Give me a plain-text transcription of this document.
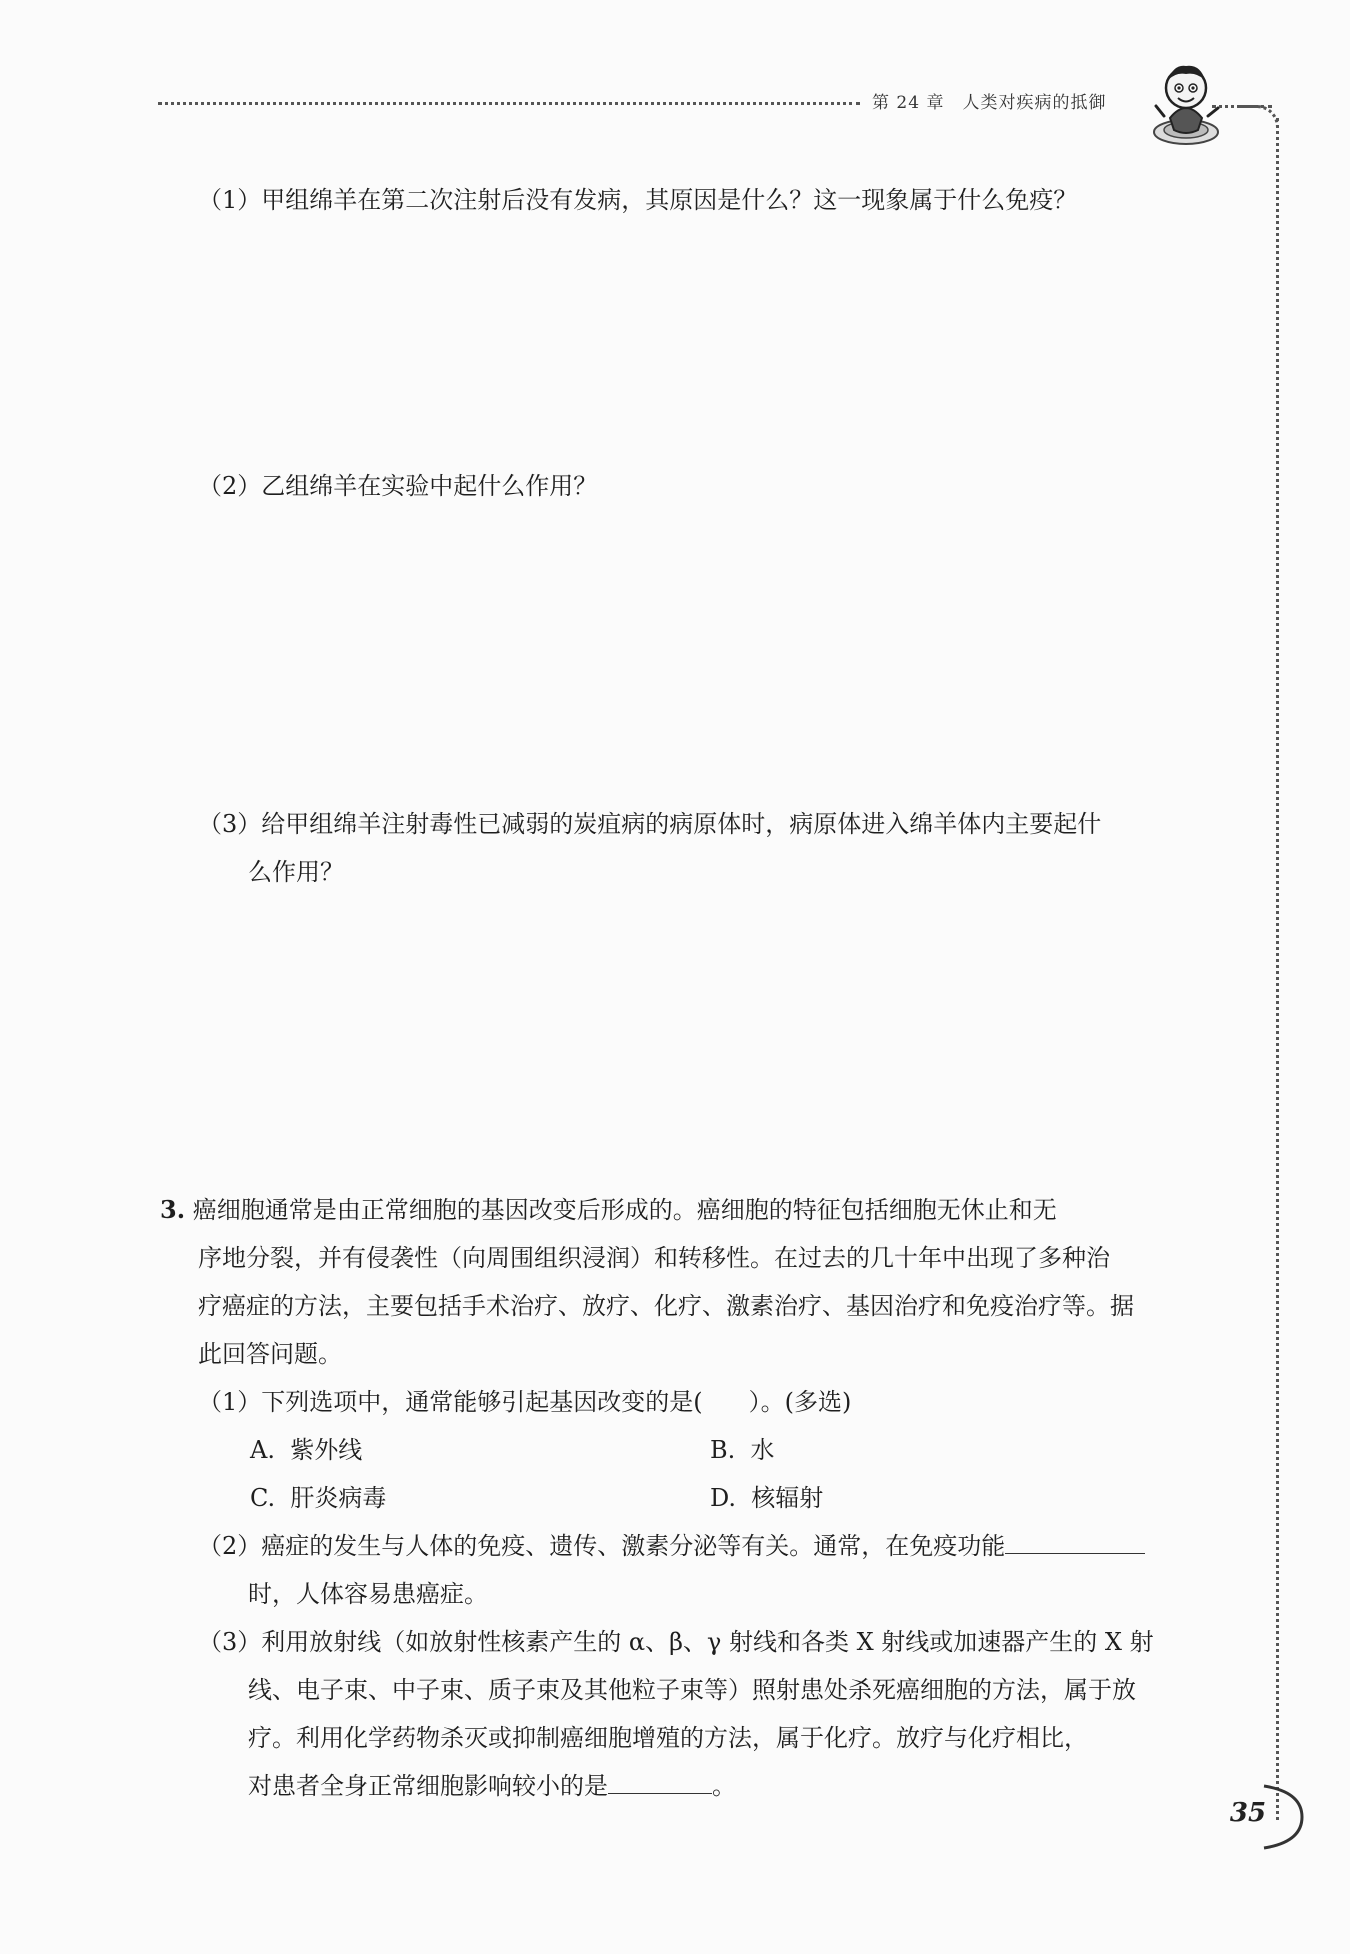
第 24 章　人类对疾病的抵御
（1）甲组绵羊在第二次注射后没有发病，其原因是什么？这一现象属于什么免疫？
（2）乙组绵羊在实验中起什么作用？
（3）给甲组绵羊注射毒性已减弱的炭疽病的病原体时，病原体进入绵羊体内主要起什
么作用？
3. 癌细胞通常是由正常细胞的基因改变后形成的。癌细胞的特征包括细胞无休止和无
序地分裂，并有侵袭性（向周围组织浸润）和转移性。在过去的几十年中出现了多种治
疗癌症的方法，主要包括手术治疗、放疗、化疗、激素治疗、基因治疗和免疫治疗等。据
此回答问题。
（1）下列选项中，通常能够引起基因改变的是( ）。(多选)
A. 紫外线	B. 水
C. 肝炎病毒	D. 核辐射
（2）癌症的发生与人体的免疫、遗传、激素分泌等有关。通常，在免疫功能
时，人体容易患癌症。
（3）利用放射线（如放射性核素产生的 α、β、γ 射线和各类 X 射线或加速器产生的 X 射
线、电子束、中子束、质子束及其他粒子束等）照射患处杀死癌细胞的方法，属于放
疗。利用化学药物杀灭或抑制癌细胞增殖的方法，属于化疗。放疗与化疗相比，
对患者全身正常细胞影响较小的是	。
35
